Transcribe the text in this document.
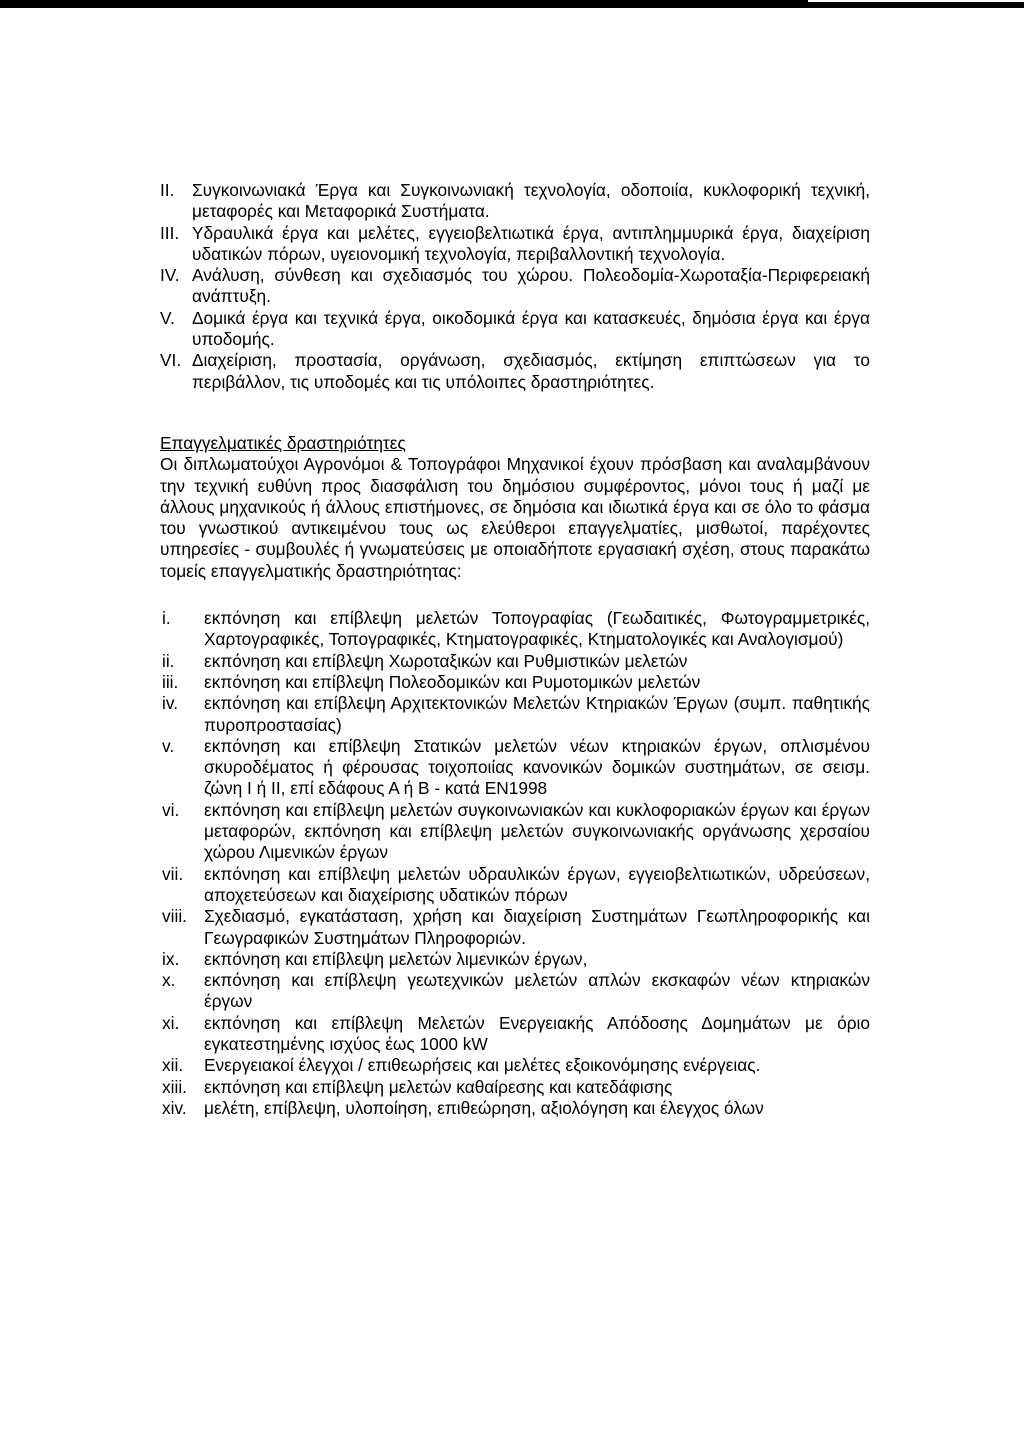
II.	Συγκοινωνιακά Έργα και Συγκοινωνιακή τεχνολογία, οδοποιία, κυκλοφορική τεχνική, μεταφορές και Μεταφορικά Συστήματα.
III. Υδραυλικά έργα και μελέτες, εγγειοβελτιωτικά έργα, αντιπλημμυρικά έργα, διαχείριση υδατικών πόρων, υγειονομική τεχνολογία, περιβαλλοντική τεχνολογία.
IV. Ανάλυση, σύνθεση και σχεδιασμός του χώρου. Πολεοδομία-Χωροταξία-Περιφερειακή ανάπτυξη.
V. Δομικά έργα και τεχνικά έργα, οικοδομικά έργα και κατασκευές, δημόσια έργα και έργα υποδομής.
VI. Διαχείριση, προστασία, οργάνωση, σχεδιασμός, εκτίμηση επιπτώσεων για το περιβάλλον, τις υποδομές και τις υπόλοιπες δραστηριότητες.
Επαγγελματικές δραστηριότητες
Οι διπλωματούχοι Αγρονόμοι & Τοπογράφοι Μηχανικοί έχουν πρόσβαση και αναλαμβάνουν την τεχνική ευθύνη προς διασφάλιση του δημόσιου συμφέροντος, μόνοι τους ή μαζί με άλλους μηχανικούς ή άλλους επιστήμονες, σε δημόσια και ιδιωτικά έργα και σε όλο το φάσμα του γνωστικού αντικειμένου τους ως ελεύθεροι επαγγελματίες, μισθωτοί, παρέχοντες υπηρεσίες - συμβουλές ή γνωματεύσεις με οποιαδήποτε εργασιακή σχέση, στους παρακάτω τομείς επαγγελματικής δραστηριότητας:
i.	εκπόνηση και επίβλεψη μελετών Τοπογραφίας (Γεωδαιτικές, Φωτογραμμετρικές, Χαρτογραφικές, Τοπογραφικές, Κτηματογραφικές, Κτηματολογικές και Αναλογισμού)
ii.	εκπόνηση και επίβλεψη Χωροταξικών και Ρυθμιστικών μελετών
iii.	εκπόνηση και επίβλεψη Πολεοδομικών και Ρυμοτομικών μελετών
iv.	εκπόνηση και επίβλεψη Αρχιτεκτονικών Μελετών Κτηριακών Έργων (συμπ. παθητικής πυροπροστασίας)
v.	εκπόνηση και επίβλεψη Στατικών μελετών νέων κτηριακών έργων, οπλισμένου σκυροδέματος ή φέρουσας τοιχοποιίας κανονικών δομικών συστημάτων, σε σεισμ. ζώνη I ή II, επί εδάφους Α ή Β - κατά ΕΝ1998
vi.	εκπόνηση και επίβλεψη μελετών συγκοινωνιακών και κυκλοφοριακών έργων και έργων μεταφορών, εκπόνηση και επίβλεψη μελετών συγκοινωνιακής οργάνωσης χερσαίου χώρου Λιμενικών έργων
vii.	εκπόνηση και επίβλεψη μελετών υδραυλικών έργων, εγγειοβελτιωτικών, υδρεύσεων, αποχετεύσεων και διαχείρισης υδατικών πόρων
viii. Σχεδιασμό, εγκατάσταση, χρήση και διαχείριση Συστημάτων Γεωπληροφορικής και Γεωγραφικών Συστημάτων Πληροφοριών.
ix.	εκπόνηση και επίβλεψη μελετών λιμενικών έργων,
x.	εκπόνηση και επίβλεψη γεωτεχνικών μελετών απλών εκσκαφών νέων κτηριακών έργων
xi.	εκπόνηση και επίβλεψη Μελετών Ενεργειακής Απόδοσης Δομημάτων με όριο εγκατεστημένης ισχύος έως 1000 kW
xii.	Ενεργειακοί έλεγχοι / επιθεωρήσεις και μελέτες εξοικονόμησης ενέργειας.
xiii. εκπόνηση και επίβλεψη μελετών καθαίρεσης και κατεδάφισης
xiv.	μελέτη, επίβλεψη, υλοποίηση, επιθεώρηση, αξιολόγηση και έλεγχος όλων
